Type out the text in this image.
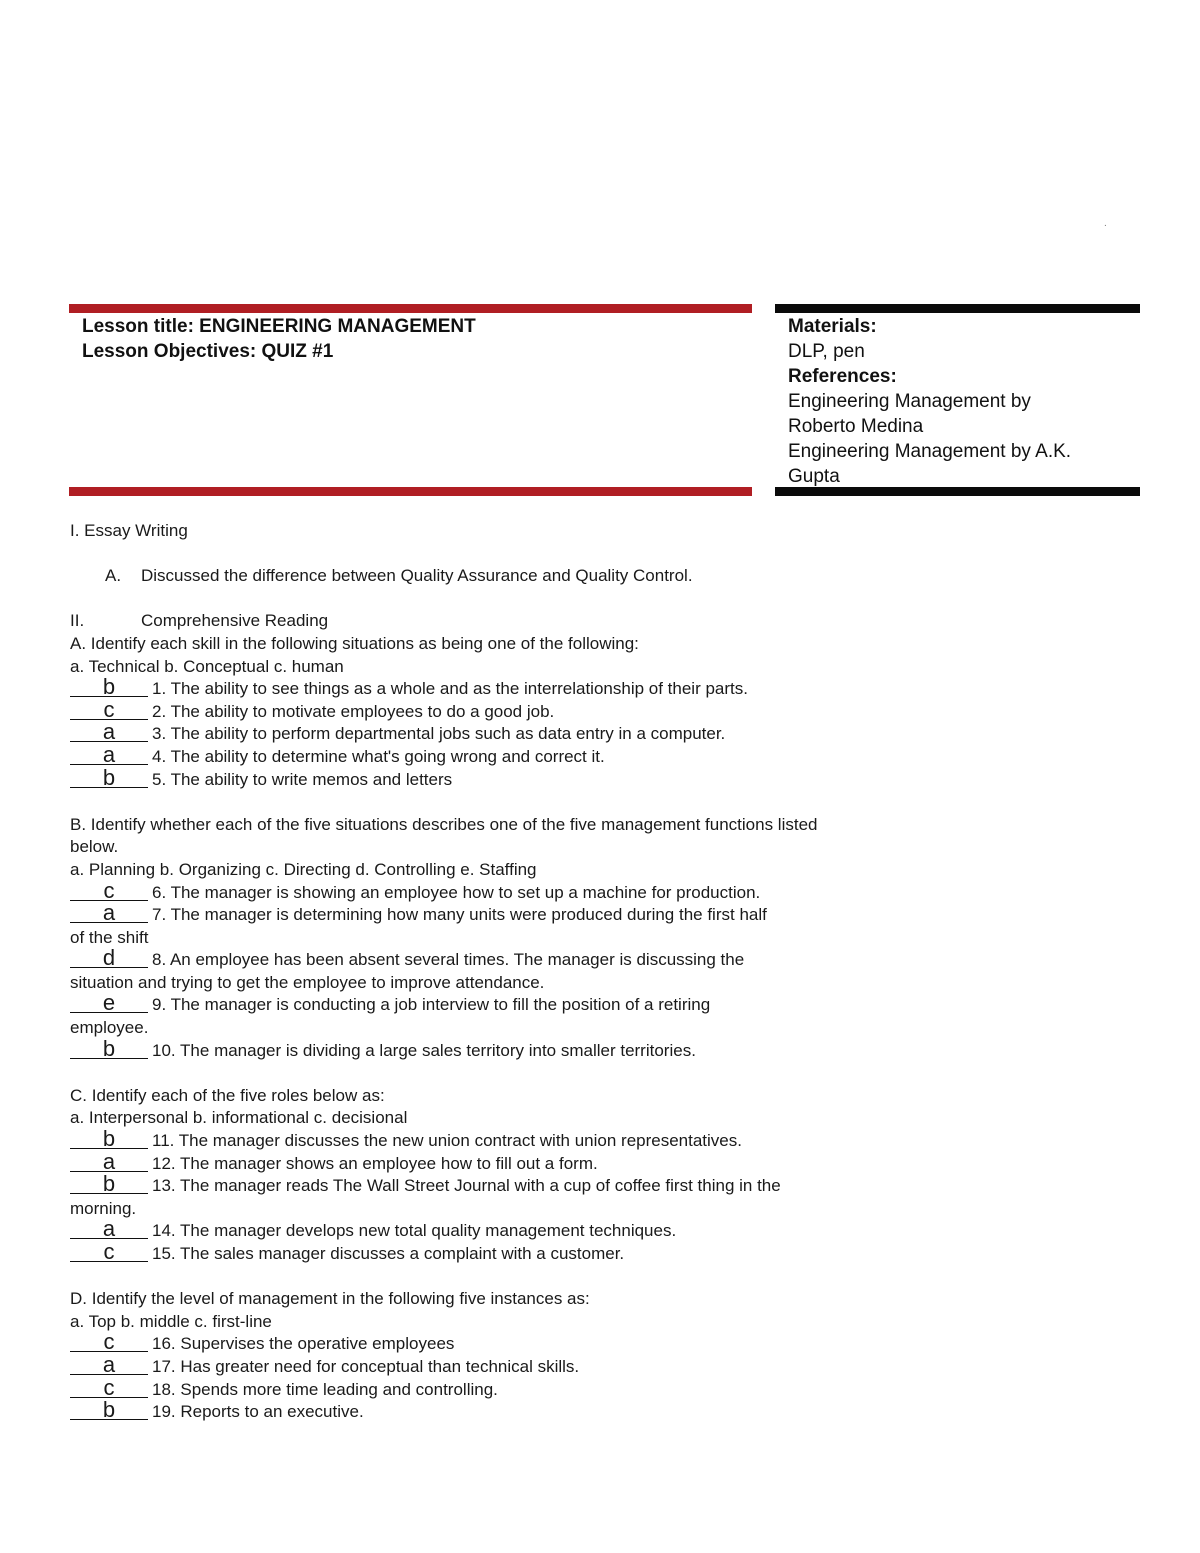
.
Lesson title: ENGINEERING MANAGEMENT
Lesson Objectives: QUIZ #1
Materials:
DLP, pen
References:
Engineering Management by
Roberto Medina
Engineering Management by A.K.
Gupta
I. Essay Writing
A. Discussed the difference between Quality Assurance and Quality Control.
II.	Comprehensive Reading
A. Identify each skill in the following situations as being one of the following:
a. Technical b. Conceptual c. human
b 1. The ability to see things as a whole and as the interrelationship of their parts.
c 2. The ability to motivate employees to do a good job.
a 3. The ability to perform departmental jobs such as data entry in a computer.
a 4. The ability to determine what's going wrong and correct it.
b 5. The ability to write memos and letters
B. Identify whether each of the five situations describes one of the five management functions listed
below.
a. Planning b. Organizing c. Directing d. Controlling e. Staffing
c 6. The manager is showing an employee how to set up a machine for production.
a 7. The manager is determining how many units were produced during the first half
of the shift
d 8. An employee has been absent several times. The manager is discussing the
situation and trying to get the employee to improve attendance.
e 9. The manager is conducting a job interview to fill the position of a retiring
employee.
b 10. The manager is dividing a large sales territory into smaller territories.
C. Identify each of the five roles below as:
a. Interpersonal b. informational c. decisional
b 11. The manager discusses the new union contract with union representatives.
a 12. The manager shows an employee how to fill out a form.
b 13. The manager reads The Wall Street Journal with a cup of coffee first thing in the
morning.
a 14. The manager develops new total quality management techniques.
c 15. The sales manager discusses a complaint with a customer.
D. Identify the level of management in the following five instances as:
a. Top b. middle c. first-line
c 16. Supervises the operative employees
a 17. Has greater need for conceptual than technical skills.
c 18. Spends more time leading and controlling.
b 19. Reports to an executive.
